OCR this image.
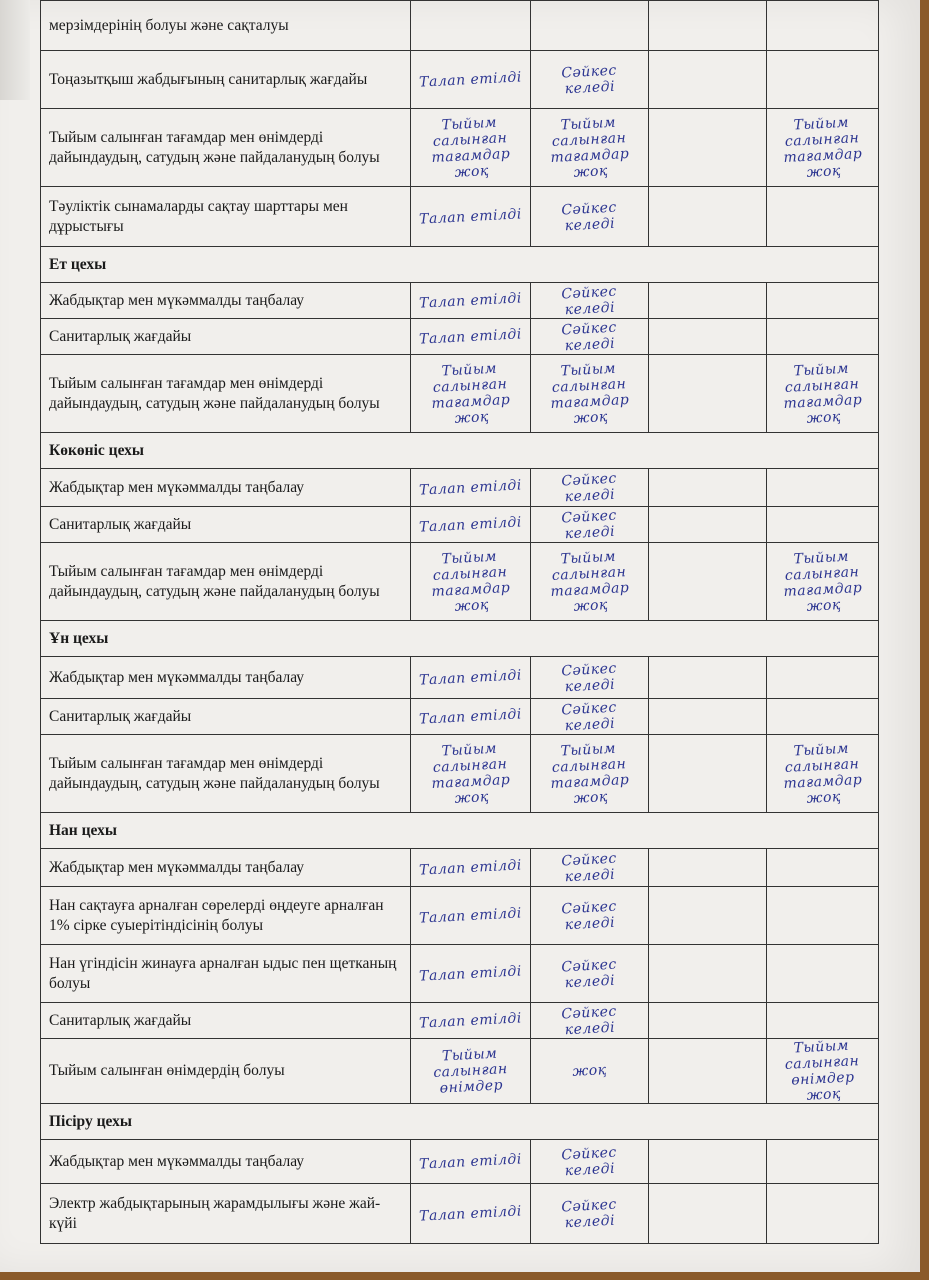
мерзімдерінің болуы және сақталуы	

Тоңазытқыш жабдығының санитарлық жағдайы	Талап етілді	Сәйкес келеді		

Тыйым салынған тағамдар мен өнімдерді дайындаудың, сатудың және пайдаланудың болуы	Тыйым салынған тағамдар жоқ	Тыйым салынған тағамдар жоқ		Тыйым салынған тағамдар жоқ

Тәуліктік сынамаларды сақтау шарттары мен дұрыстығы	Талап етілді	Сәйкес келеді		

Ет цехы				
Жабдықтар мен мүкәммалды таңбалау	Талап етілді	Сәйкес келеді		

Санитарлық жағдайы	Талап етілді	Сәйкес келеді		

Тыйым салынған тағамдар мен өнімдерді дайындаудың, сатудың және пайдаланудың болуы	Тыйым салынған тағамдар жоқ	Тыйым салынған тағамдар жоқ		Тыйым салынған тағамдар жоқ

Көкөніс цехы				
Жабдықтар мен мүкәммалды таңбалау	Талап етілді	Сәйкес келеді		

Санитарлық жағдайы	Талап етілді	Сәйкес келеді		

Тыйым салынған тағамдар мен өнімдерді дайындаудың, сатудың және пайдаланудың болуы	Тыйым салынған тағамдар жоқ	Тыйым салынған тағамдар жоқ		Тыйым салынған тағамдар жоқ

Ұн цехы				
Жабдықтар мен мүкәммалды таңбалау	Талап етілді	Сәйкес келеді		

Санитарлық жағдайы	Талап етілді	Сәйкес келеді		

Тыйым салынған тағамдар мен өнімдерді дайындаудың, сатудың және пайдаланудың болуы	Тыйым салынған тағамдар жоқ	Тыйым салынған тағамдар жоқ		Тыйым салынған тағамдар жоқ

Нан цехы				
Жабдықтар мен мүкәммалды таңбалау	Талап етілді	Сәйкес келеді		

Нан сақтауға арналған сөрелерді өңдеуге арналған 1% сірке суыерітіндісінің болуы	Талап етілді	Сәйкес келеді		

Нан үгіндісін жинауға арналған ыдыс пен щетканың болуы	Талап етілді	Сәйкес келеді		

Санитарлық жағдайы	Талап етілді	Сәйкес келеді		

Тыйым салынған өнімдердің болуы	Тыйым салынған өнімдер	жоқ		Тыйым салынған өнімдер жоқ

Пісіру цехы				
Жабдықтар мен мүкәммалды таңбалау	Талап етілді	Сәйкес келеді		

Электр жабдықтарының жарамдылығы және жай-күйі	Талап етілді	Сәйкес келеді		
